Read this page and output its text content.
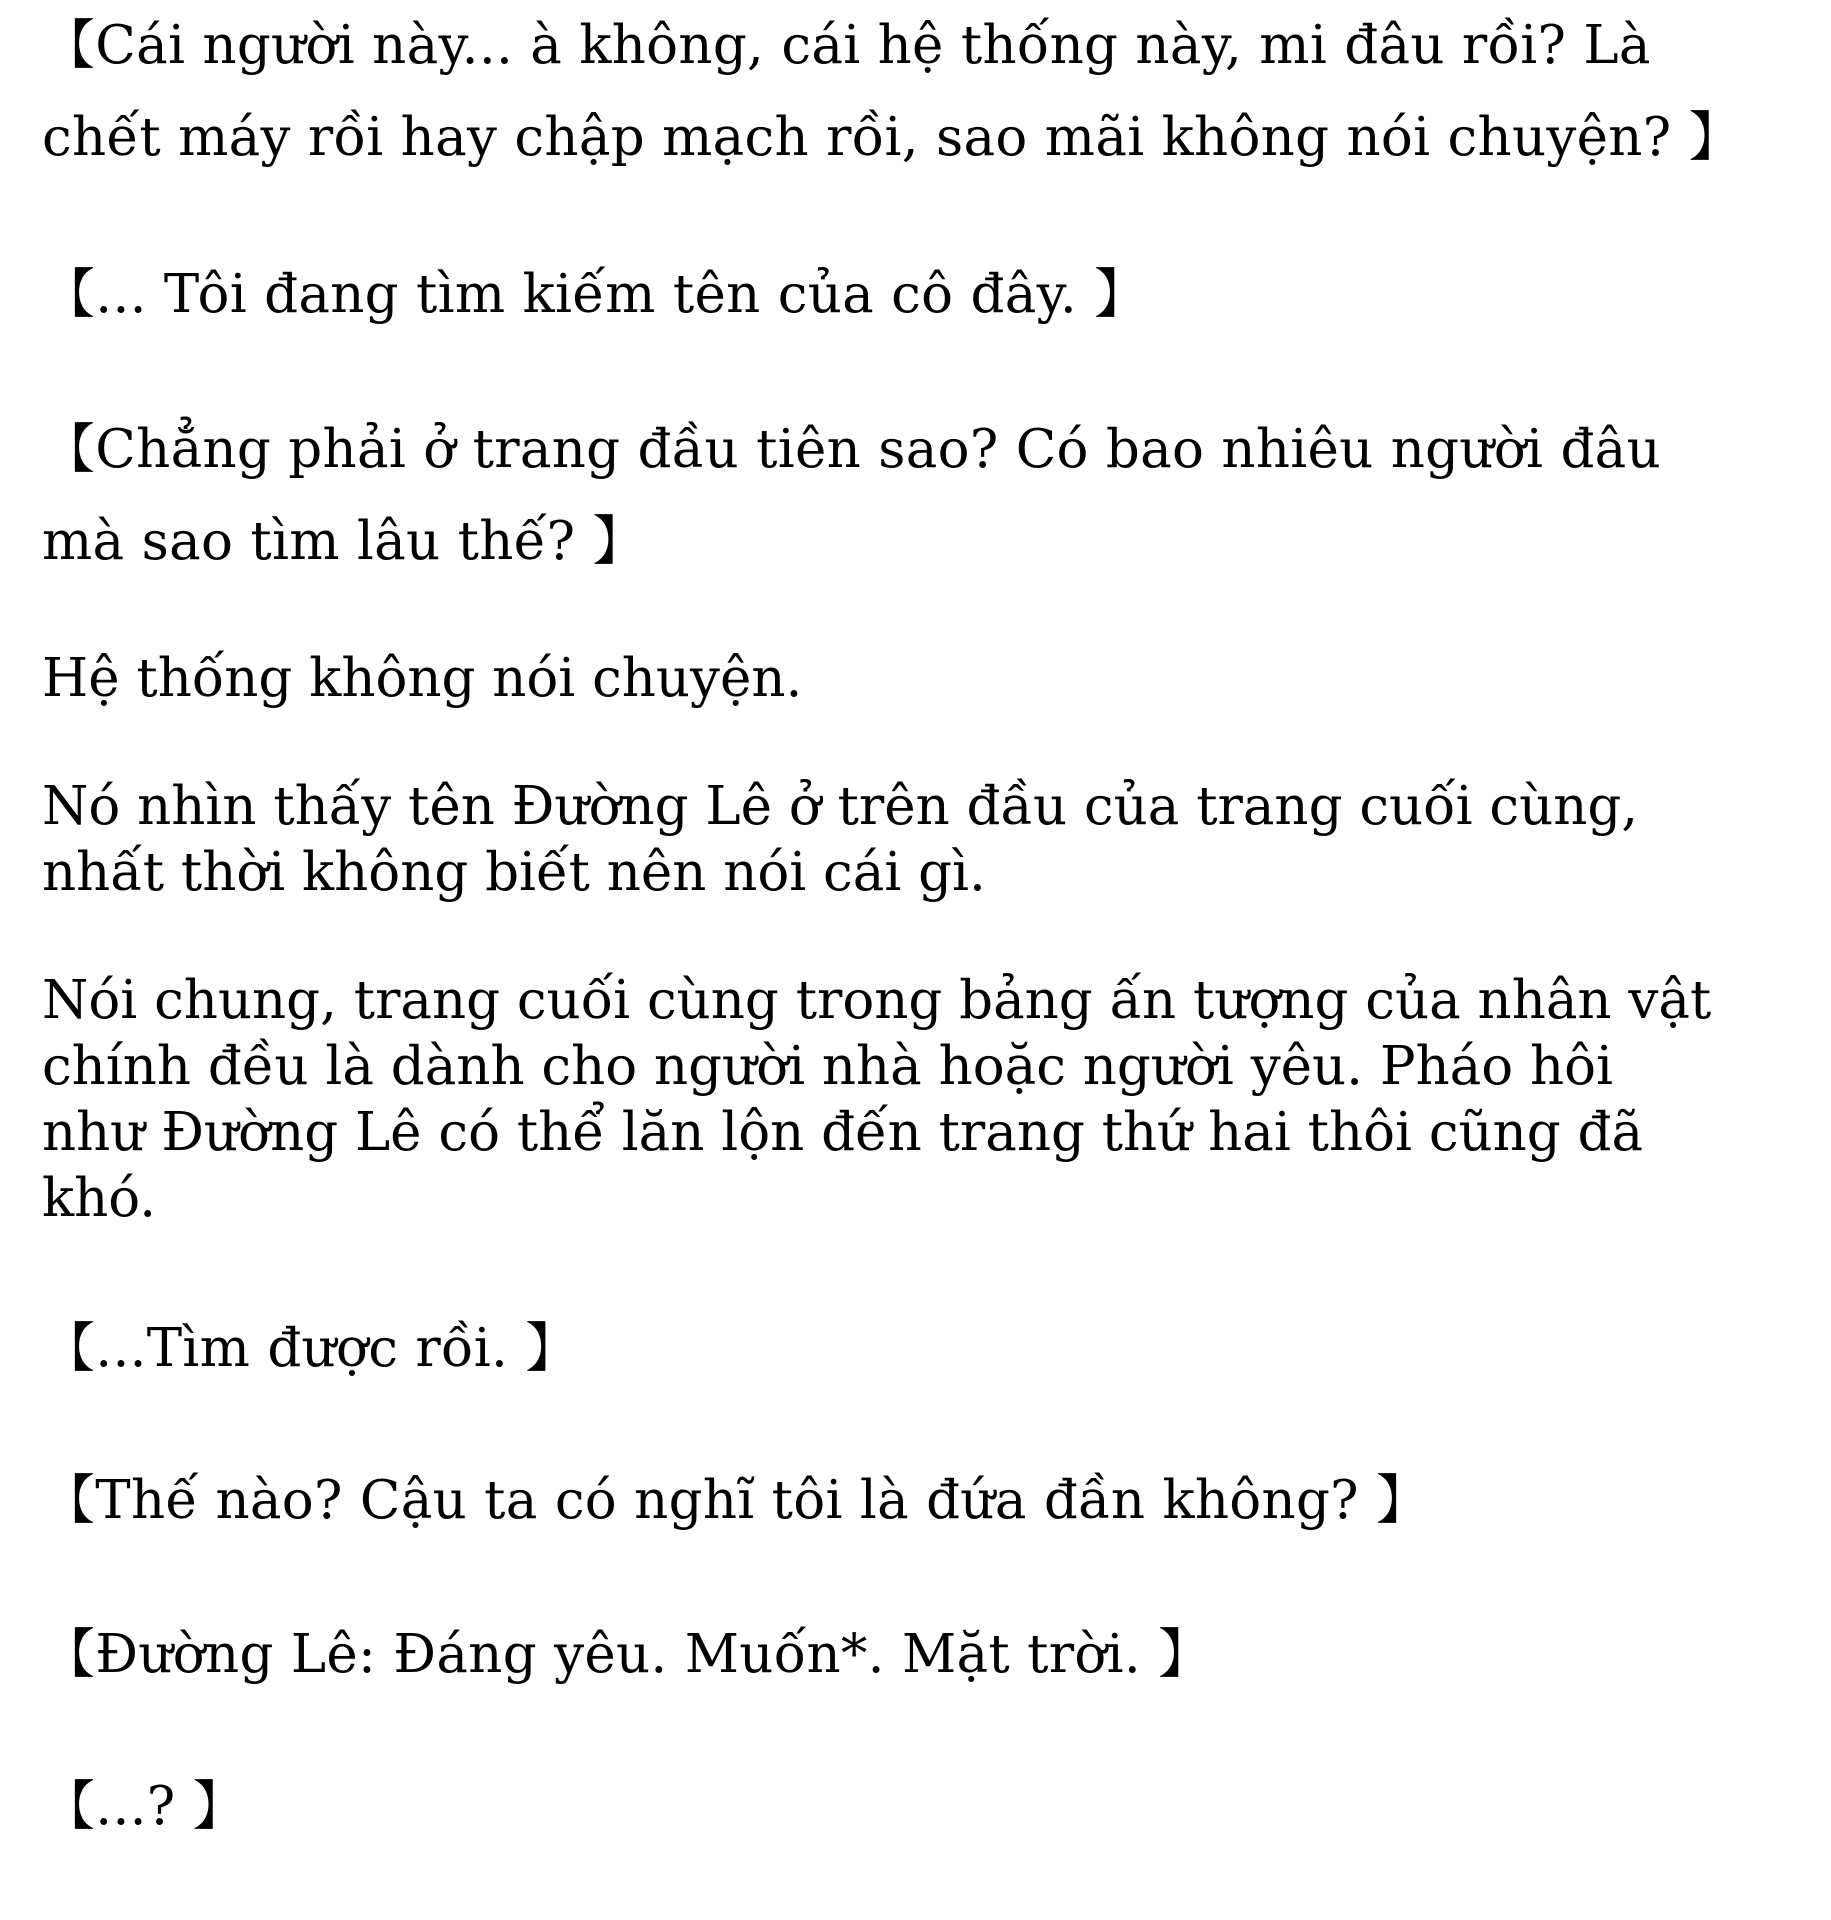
【Cái người này... à không, cái hệ thống này, mi đâu rồi? Là
chết máy rồi hay chập mạch rồi, sao mãi không nói chuyện? 】

【... Tôi đang tìm kiếm tên của cô đây. 】

【Chẳng phải ở trang đầu tiên sao? Có bao nhiêu người đâu
mà sao tìm lâu thế? 】

Hệ thống không nói chuyện.

Nó nhìn thấy tên Đường Lê ở trên đầu của trang cuối cùng,
nhất thời không biết nên nói cái gì.

Nói chung, trang cuối cùng trong bảng ấn tượng của nhân vật
chính đều là dành cho người nhà hoặc người yêu. Pháo hôi
như Đường Lê có thể lăn lộn đến trang thứ hai thôi cũng đã
khó.

【...Tìm được rồi. 】

【Thế nào? Cậu ta có nghĩ tôi là đứa đần không? 】

【Đường Lê: Đáng yêu. Muốn*. Mặt trời. 】

【...? 】
